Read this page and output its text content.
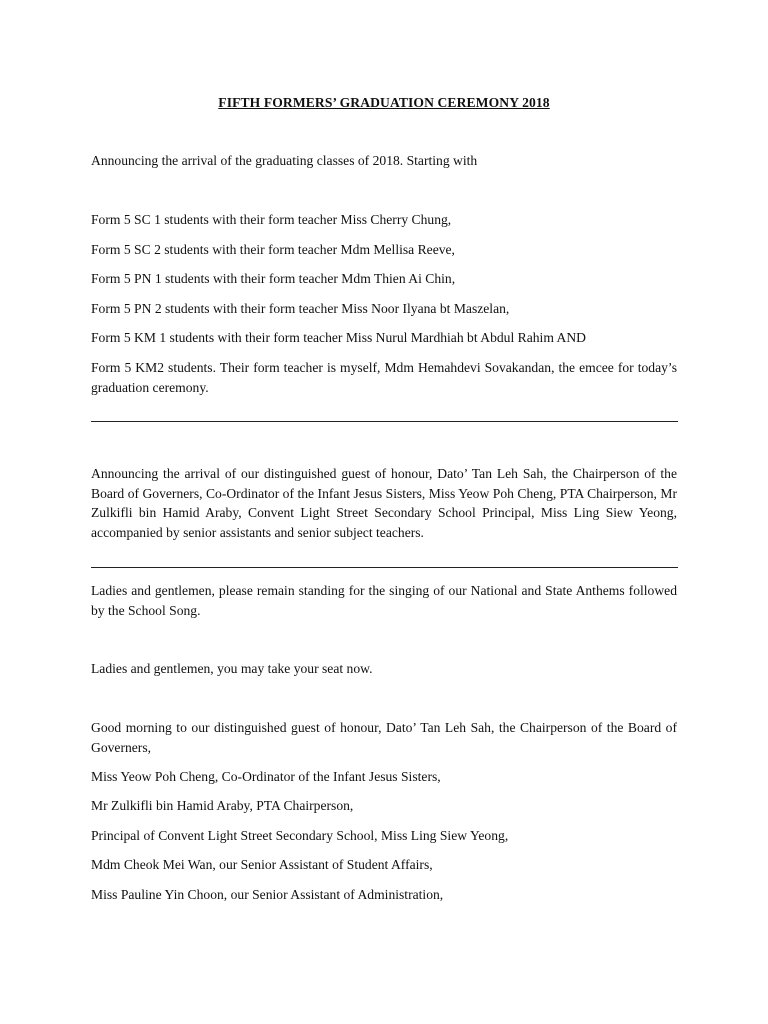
FIFTH FORMERS’ GRADUATION CEREMONY 2018

Announcing the arrival of the graduating classes of 2018. Starting with

Form 5 SC 1 students with their form teacher Miss Cherry Chung,

Form 5 SC 2 students with their form teacher Mdm Mellisa Reeve,

Form 5 PN 1 students with their form teacher Mdm Thien Ai Chin,

Form 5 PN 2 students with their form teacher Miss Noor Ilyana bt Maszelan,

Form 5 KM 1 students with their form teacher Miss Nurul Mardhiah bt Abdul Rahim AND

Form 5 KM2 students. Their form teacher is myself, Mdm Hemahdevi Sovakandan, the emcee for today’s graduation ceremony.

Announcing the arrival of our distinguished guest of honour, Dato’ Tan Leh Sah, the Chairperson of the Board of Governers, Co-Ordinator of the Infant Jesus Sisters, Miss Yeow Poh Cheng, PTA Chairperson, Mr Zulkifli bin Hamid Araby, Convent Light Street Secondary School Principal, Miss Ling Siew Yeong, accompanied by senior assistants and senior subject teachers.

Ladies and gentlemen, please remain standing for the singing of our National and State Anthems followed by the School Song.

Ladies and gentlemen, you may take your seat now.

Good morning to our distinguished guest of honour, Dato’ Tan Leh Sah, the Chairperson of the Board of Governers,

Miss Yeow Poh Cheng, Co-Ordinator of the Infant Jesus Sisters,

Mr Zulkifli bin Hamid Araby, PTA Chairperson,

Principal of Convent Light Street Secondary School, Miss Ling Siew Yeong,

Mdm Cheok Mei Wan, our Senior Assistant of Student Affairs,

Miss Pauline Yin Choon, our Senior Assistant of Administration,
